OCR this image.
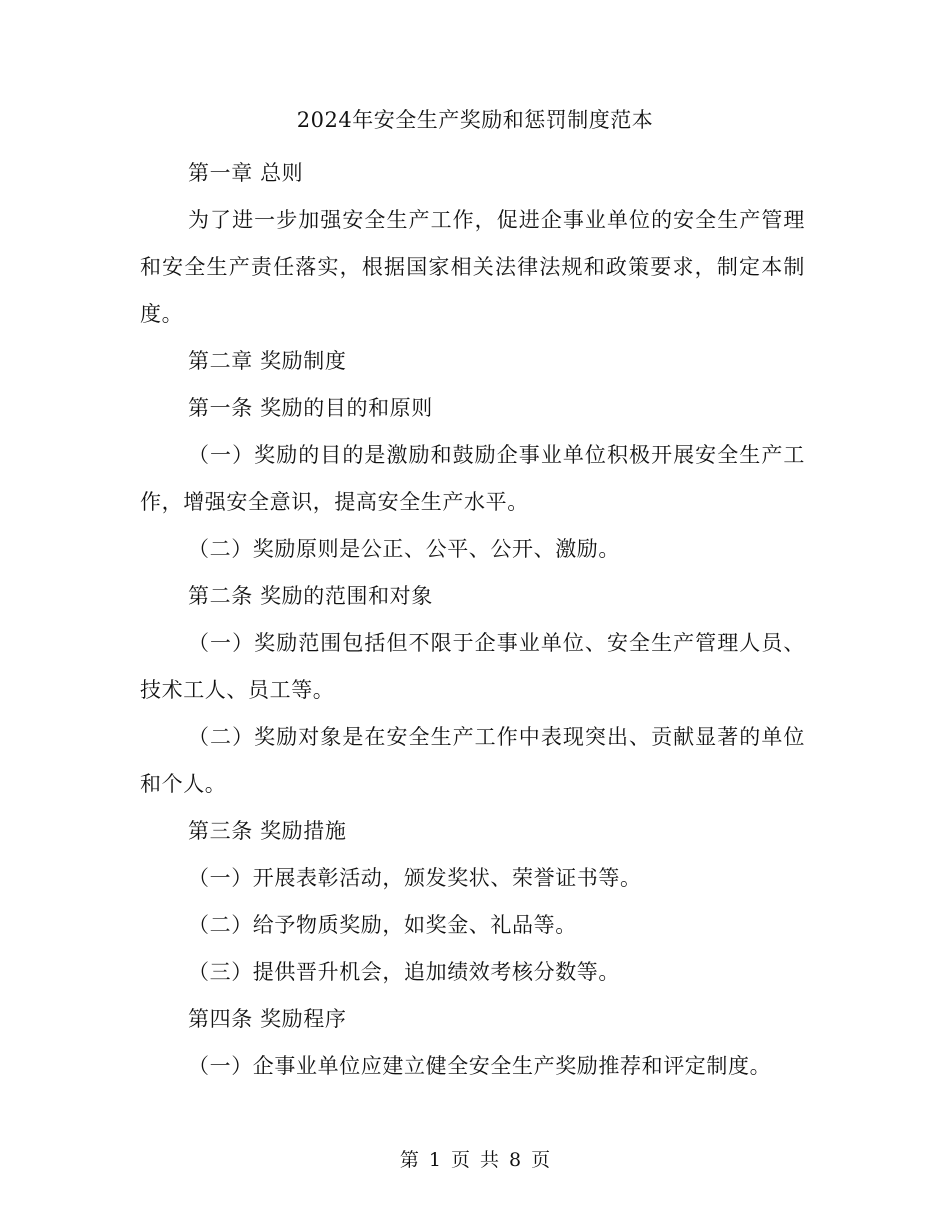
2024年安全生产奖励和惩罚制度范本

第一章 总则

为了进一步加强安全生产工作，促进企事业单位的安全生产管理和安全生产责任落实，根据国家相关法律法规和政策要求，制定本制度。

第二章 奖励制度

第一条 奖励的目的和原则

（一）奖励的目的是激励和鼓励企事业单位积极开展安全生产工作，增强安全意识，提高安全生产水平。

（二）奖励原则是公正、公平、公开、激励。

第二条 奖励的范围和对象

（一）奖励范围包括但不限于企事业单位、安全生产管理人员、技术工人、员工等。

（二）奖励对象是在安全生产工作中表现突出、贡献显著的单位和个人。

第三条 奖励措施

（一）开展表彰活动，颁发奖状、荣誉证书等。

（二）给予物质奖励，如奖金、礼品等。

（三）提供晋升机会，追加绩效考核分数等。

第四条 奖励程序

（一）企事业单位应建立健全安全生产奖励推荐和评定制度。

第 1 页 共 8 页
